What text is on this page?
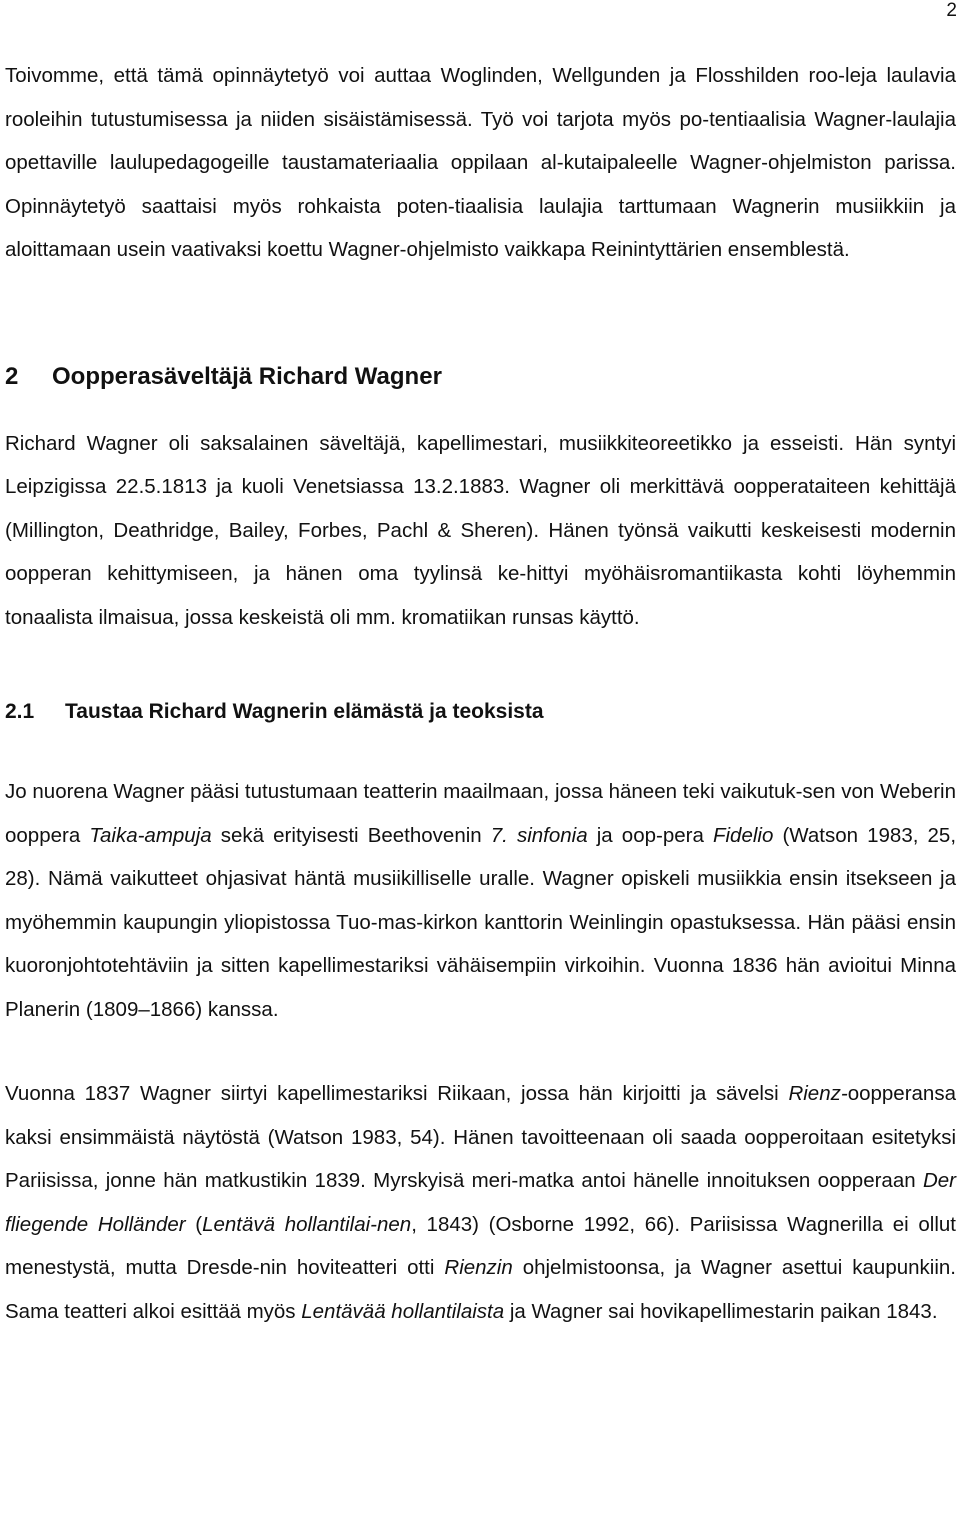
2

Toivomme, että tämä opinnäytetyö voi auttaa Woglinden, Wellgunden ja Flosshilden roo-leja laulavia rooleihin tutustumisessa ja niiden sisäistämisessä. Työ voi tarjota myös po-tentiaalisia Wagner-laulajia opettaville laulupedagogeille taustamateriaalia oppilaan al-kutaipaleelle Wagner-ohjelmiston parissa. Opinnäytetyö saattaisi myös rohkaista poten-tiaalisia laulajia tarttumaan Wagnerin musiikkiin ja aloittamaan usein vaativaksi koettu Wagner-ohjelmisto vaikkapa Reinintyttärien ensemblestä.

2	Oopperasäveltäjä Richard Wagner

Richard Wagner oli saksalainen säveltäjä, kapellimestari, musiikkiteoreetikko ja esseisti. Hän syntyi Leipzigissa 22.5.1813 ja kuoli Venetsiassa 13.2.1883. Wagner oli merkittävä oopperataiteen kehittäjä (Millington, Deathridge, Bailey, Forbes, Pachl & Sheren). Hänen työnsä vaikutti keskeisesti modernin oopperan kehittymiseen, ja hänen oma tyylinsä ke-hittyi myöhäisromantiikasta kohti löyhemmin tonaalista ilmaisua, jossa keskeistä oli mm. kromatiikan runsas käyttö.

2.1	Taustaa Richard Wagnerin elämästä ja teoksista

Jo nuorena Wagner pääsi tutustumaan teatterin maailmaan, jossa häneen teki vaikutuk-sen von Weberin ooppera Taika-ampuja sekä erityisesti Beethovenin 7. sinfonia ja oop-pera Fidelio (Watson 1983, 25, 28). Nämä vaikutteet ohjasivat häntä musiikilliselle uralle. Wagner opiskeli musiikkia ensin itsekseen ja myöhemmin kaupungin yliopistossa Tuo-mas-kirkon kanttorin Weinlingin opastuksessa. Hän pääsi ensin kuoronjohtotehtäviin ja sitten kapellimestariksi vähäisempiin virkoihin. Vuonna 1836 hän avioitui Minna Planerin (1809–1866) kanssa.

Vuonna 1837 Wagner siirtyi kapellimestariksi Riikaan, jossa hän kirjoitti ja sävelsi Rienz-oopperansa kaksi ensimmäistä näytöstä (Watson 1983, 54). Hänen tavoitteenaan oli saada oopperoitaan esitetyksi Pariisissa, jonne hän matkustikin 1839. Myrskyisä meri-matka antoi hänelle innoituksen oopperaan Der fliegende Holländer (Lentävä hollantilai-nen, 1843) (Osborne 1992, 66). Pariisissa Wagnerilla ei ollut menestystä, mutta Dresde-nin hoviteatteri otti Rienzin ohjelmistoonsa, ja Wagner asettui kaupunkiin. Sama teatteri alkoi esittää myös Lentävää hollantilaista ja Wagner sai hovikapellimestarin paikan 1843.
